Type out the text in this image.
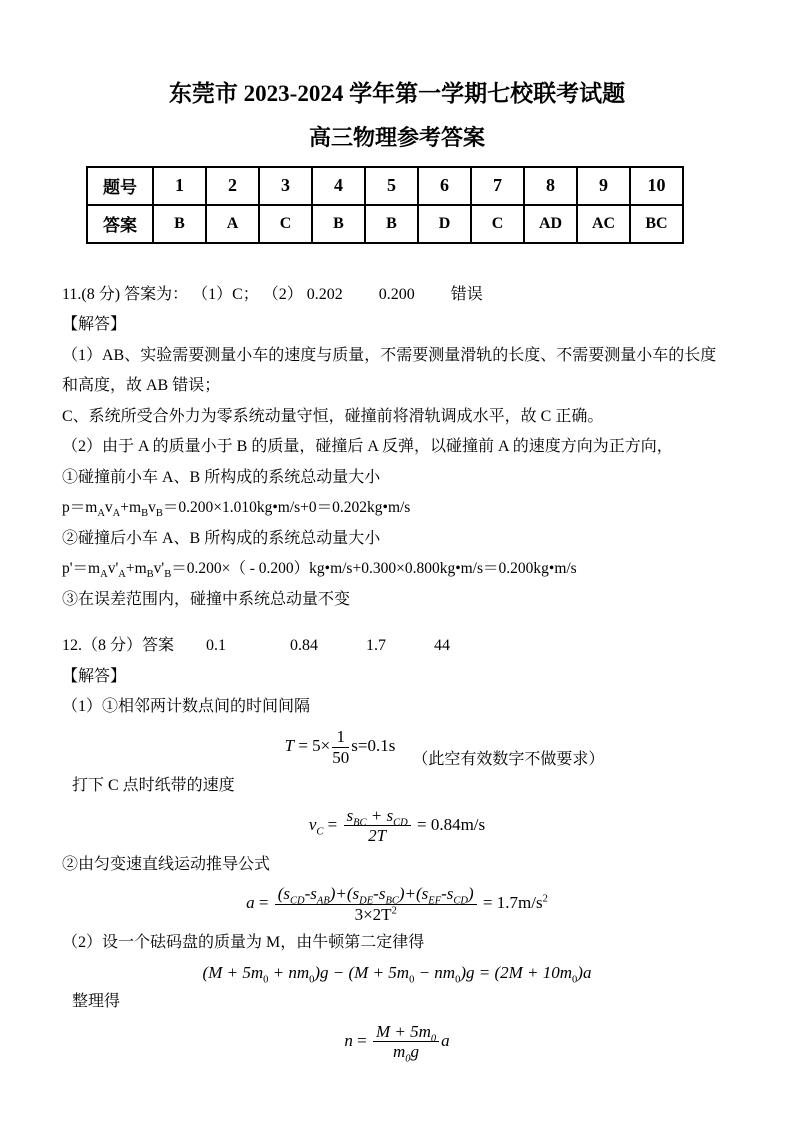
东莞市 2023-2024 学年第一学期七校联考试题
高三物理参考答案
题号	1	2	3	4	5	6	7	8	9	10
答案	B	A	C	B	B	D	C	AD	AC	BC

11.(8 分) 答案为： （1）C； （2） 0.202　　 0.200　　 错误

【解答】

（1）AB、实验需要测量小车的速度与质量，不需要测量滑轨的长度、不需要测量小车的长度

和高度，故 AB 错误；

C、系统所受合外力为零系统动量守恒，碰撞前将滑轨调成水平，故 C 正确。

（2）由于 A 的质量小于 B 的质量，碰撞后 A 反弹，以碰撞前 A 的速度方向为正方向，

①碰撞前小车 A、B 所构成的系统总动量大小

$p=m_Av_A+m_Bv_B=0.200\times 1.010kg•m/s+0=0.202kg•m/s$

②碰撞后小车 A、B 所构成的系统总动量大小

$p'=m_Av'_A+m_Bv'_B=0.200\times$（ - 0.200）kg•m/s+0.300×0.800kg•m/s＝0.200kg•m/s

③在误差范围内，碰撞中系统总动量不变

12.（8 分）答案　　0.1　　　　0.84　　　1.7　　　44

【解答】

（1）①相邻两计数点间的时间间隔

$T = 5\times \frac{1}{50} s=0.1s$　（此空有效数字不做要求）

打下 C 点时纸带的速度

$v_C = \frac{s_{BC} + s_{CD}}{2T} = 0.84m/s$

②由匀变速直线运动推导公式

$a = \frac{(s_{CD}-s_{AB})+(s_{DE}-s_{BC})+(s_{EF}-s_{CD})}{3\times 2T^2} = 1.7m/s^2$

（2）设一个砝码盘的质量为 M，由牛顿第二定律得

$(M + 5m_0 + nm_0)g - (M + 5m_0 - nm_0)g = (2M + 10m_0)a$

整理得

$n = \frac{M + 5m_0}{m_0g}$ a
